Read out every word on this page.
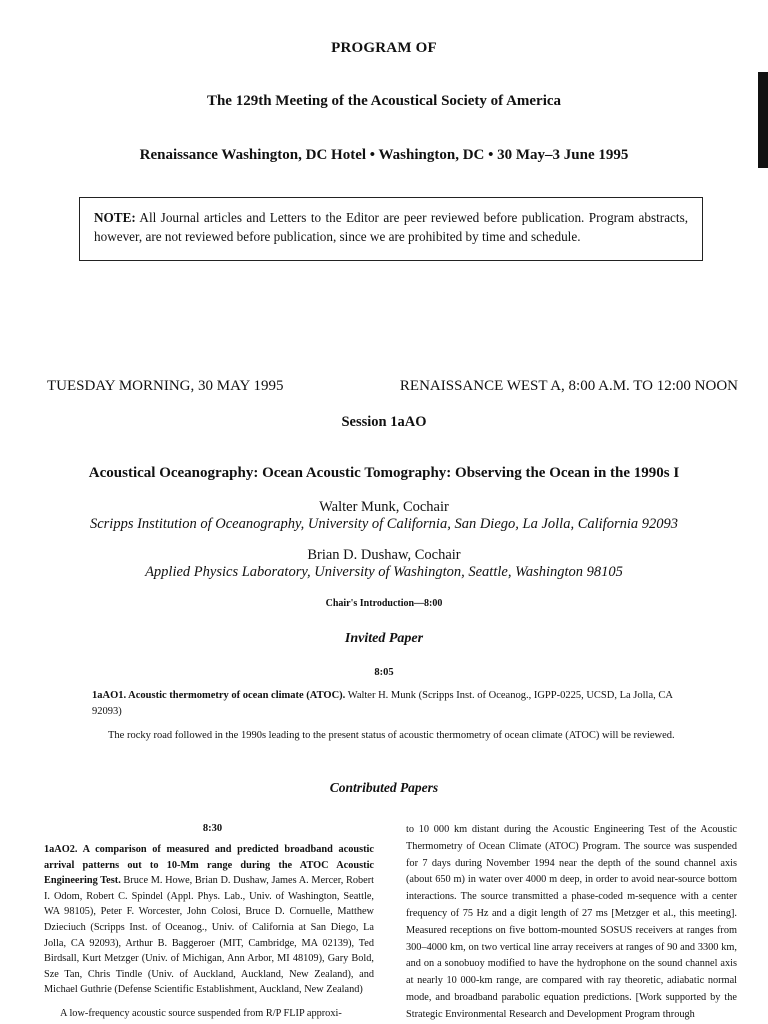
PROGRAM OF
The 129th Meeting of the Acoustical Society of America
Renaissance Washington, DC Hotel • Washington, DC • 30 May–3 June 1995
NOTE: All Journal articles and Letters to the Editor are peer reviewed before publication. Program abstracts, however, are not reviewed before publication, since we are prohibited by time and schedule.
TUESDAY MORNING, 30 MAY 1995	RENAISSANCE WEST A, 8:00 A.M. TO 12:00 NOON
Session 1aAO
Acoustical Oceanography: Ocean Acoustic Tomography: Observing the Ocean in the 1990s I
Walter Munk, Cochair
Scripps Institution of Oceanography, University of California, San Diego, La Jolla, California 92093
Brian D. Dushaw, Cochair
Applied Physics Laboratory, University of Washington, Seattle, Washington 98105
Chair's Introduction—8:00
Invited Paper
8:05
1aAO1. Acoustic thermometry of ocean climate (ATOC). Walter H. Munk (Scripps Inst. of Oceanog., IGPP-0225, UCSD, La Jolla, CA 92093)
The rocky road followed in the 1990s leading to the present status of acoustic thermometry of ocean climate (ATOC) will be reviewed.
Contributed Papers
8:30
1aAO2. A comparison of measured and predicted broadband acoustic arrival patterns out to 10-Mm range during the ATOC Acoustic Engineering Test. Bruce M. Howe, Brian D. Dushaw, James A. Mercer, Robert I. Odom, Robert C. Spindel (Appl. Phys. Lab., Univ. of Washington, Seattle, WA 98105), Peter F. Worcester, John Colosi, Bruce D. Cornuelle, Matthew Dzieciuch (Scripps Inst. of Oceanog., Univ. of California at San Diego, La Jolla, CA 92093), Arthur B. Baggeroer (MIT, Cambridge, MA 02139), Ted Birdsall, Kurt Metzger (Univ. of Michigan, Ann Arbor, MI 48109), Gary Bold, Sze Tan, Chris Tindle (Univ. of Auckland, Auckland, New Zealand), and Michael Guthrie (Defense Scientific Establishment, Auckland, New Zealand)
A low-frequency acoustic source suspended from R/P FLIP approxi-
to 10 000 km distant during the Acoustic Engineering Test of the Acoustic Thermometry of Ocean Climate (ATOC) Program. The source was suspended for 7 days during November 1994 near the depth of the sound channel axis (about 650 m) in water over 4000 m deep, in order to avoid near-source bottom interactions. The source transmitted a phase-coded m-sequence with a center frequency of 75 Hz and a digit length of 27 ms [Metzger et al., this meeting]. Measured receptions on five bottom-mounted SOSUS receivers at ranges from 300–4000 km, on two vertical line array receivers at ranges of 90 and 3300 km, and on a sonobuoy modified to have the hydrophone on the sound channel axis at nearly 10 000-km range, are compared with ray theoretic, adiabatic normal mode, and broadband parabolic equation predictions. [Work supported by the Strategic Environmental Research and Development Program through
